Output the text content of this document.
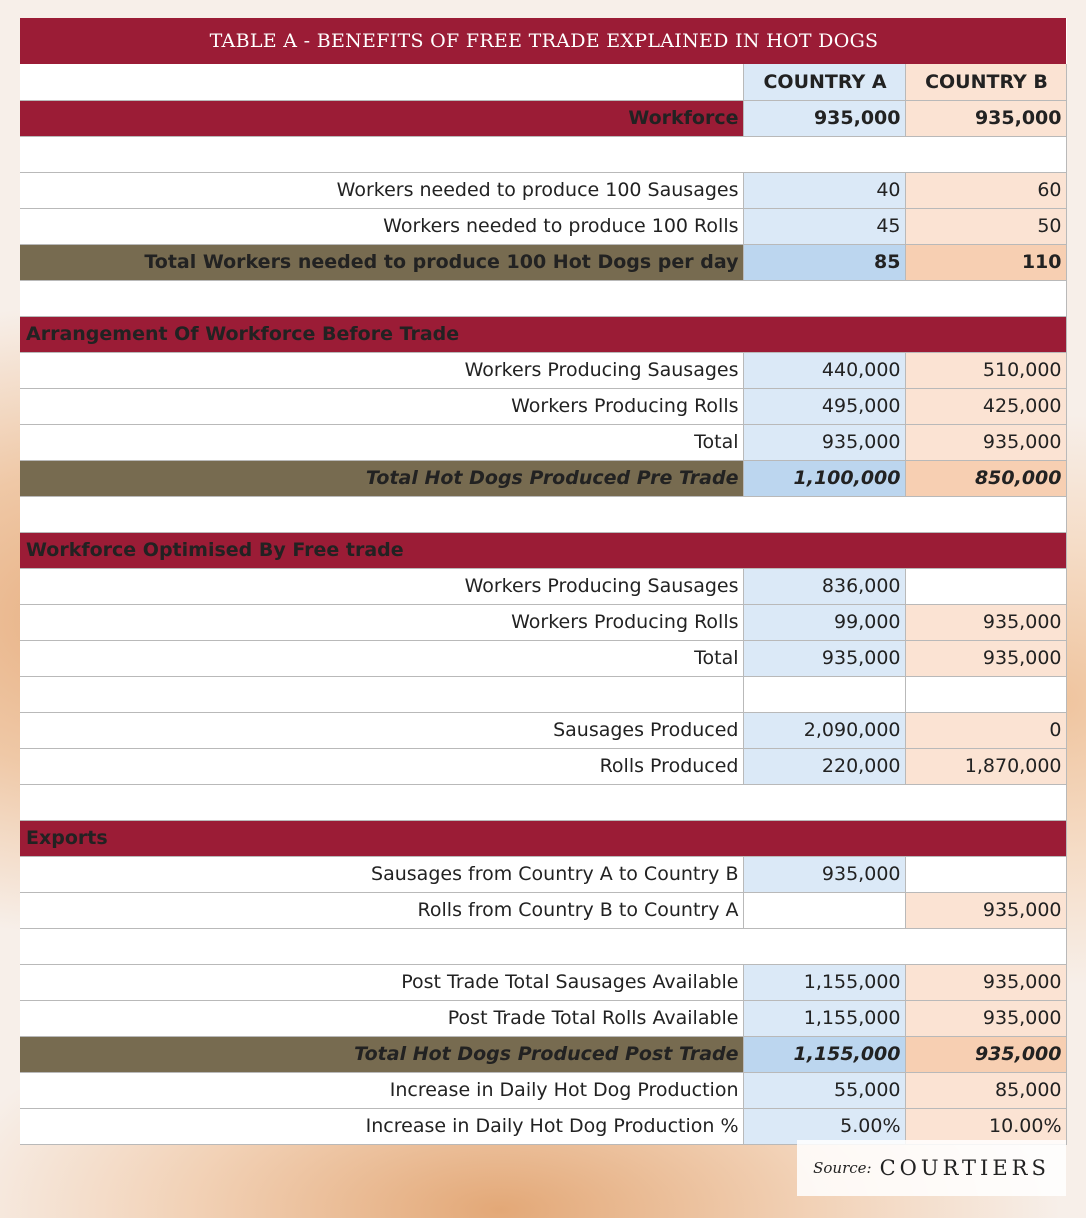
TABLE A - BENEFITS OF FREE TRADE EXPLAINED IN HOT DOGS		
	COUNTRY A	COUNTRY B
Workforce	935,000	935,000

Workers needed to produce 100 Sausages	40	60
Workers needed to produce 100 Rolls	45	50
Total Workers needed to produce 100 Hot Dogs per day	85	110

Arrangement Of Workforce Before Trade		
Workers Producing Sausages	440,000	510,000
Workers Producing Rolls	495,000	425,000
Total	935,000	935,000
Total Hot Dogs Produced Pre Trade	1,100,000	850,000

Workforce Optimised By Free trade		
Workers Producing Sausages	836,000	
Workers Producing Rolls	99,000	935,000
Total	935,000	935,000

Sausages Produced	2,090,000	0
Rolls Produced	220,000	1,870,000

Exports		
Sausages from Country A to Country B	935,000	
Rolls from Country B to Country A		935,000

Post Trade Total Sausages Available	1,155,000	935,000
Post Trade Total Rolls Available	1,155,000	935,000
Total Hot Dogs Produced Post Trade	1,155,000	935,000
Increase in Daily Hot Dog Production	55,000	85,000
Increase in Daily Hot Dog Production %	5.00%	10.00%
Source: COURTIERS
